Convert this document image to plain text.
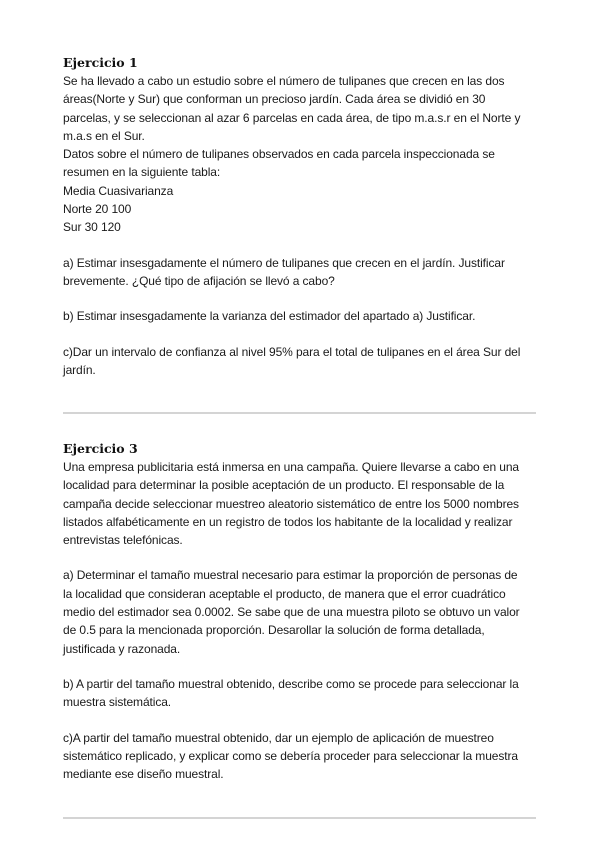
Ejercicio 1

Se ha llevado a cabo un estudio sobre el número de tulipanes que crecen en las dos
áreas(Norte y Sur) que conforman un precioso jardín. Cada área se dividió en 30
parcelas, y se seleccionan al azar 6 parcelas en cada área, de tipo m.a.s.r en el Norte y
m.a.s en el Sur.
Datos sobre el número de tulipanes observados en cada parcela inspeccionada se
resumen en la siguiente tabla:
Media Cuasivarianza
Norte 20 100
Sur 30 120

a) Estimar insesgadamente el número de tulipanes que crecen en el jardín. Justificar
brevemente. ¿Qué tipo de afijación se llevó a cabo?

b) Estimar insesgadamente la varianza del estimador del apartado a) Justificar.

c)Dar un intervalo de confianza al nivel 95% para el total de tulipanes en el área Sur del
jardín.

Ejercicio 3

Una empresa publicitaria está inmersa en una campaña. Quiere llevarse a cabo en una
localidad para determinar la posible aceptación de un producto. El responsable de la
campaña decide seleccionar muestreo aleatorio sistemático de entre los 5000 nombres
listados alfabéticamente en un registro de todos los habitante de la localidad y realizar
entrevistas telefónicas.

a) Determinar el tamaño muestral necesario para estimar la proporción de personas de
la localidad que consideran aceptable el producto, de manera que el error cuadrático
medio del estimador sea 0.0002. Se sabe que de una muestra piloto se obtuvo un valor
de 0.5 para la mencionada proporción. Desarollar la solución de forma detallada,
justificada y razonada.

b) A partir del tamaño muestral obtenido, describe como se procede para seleccionar la
muestra sistemática.

c)A partir del tamaño muestral obtenido, dar un ejemplo de aplicación de muestreo
sistemático replicado, y explicar como se debería proceder para seleccionar la muestra
mediante ese diseño muestral.
